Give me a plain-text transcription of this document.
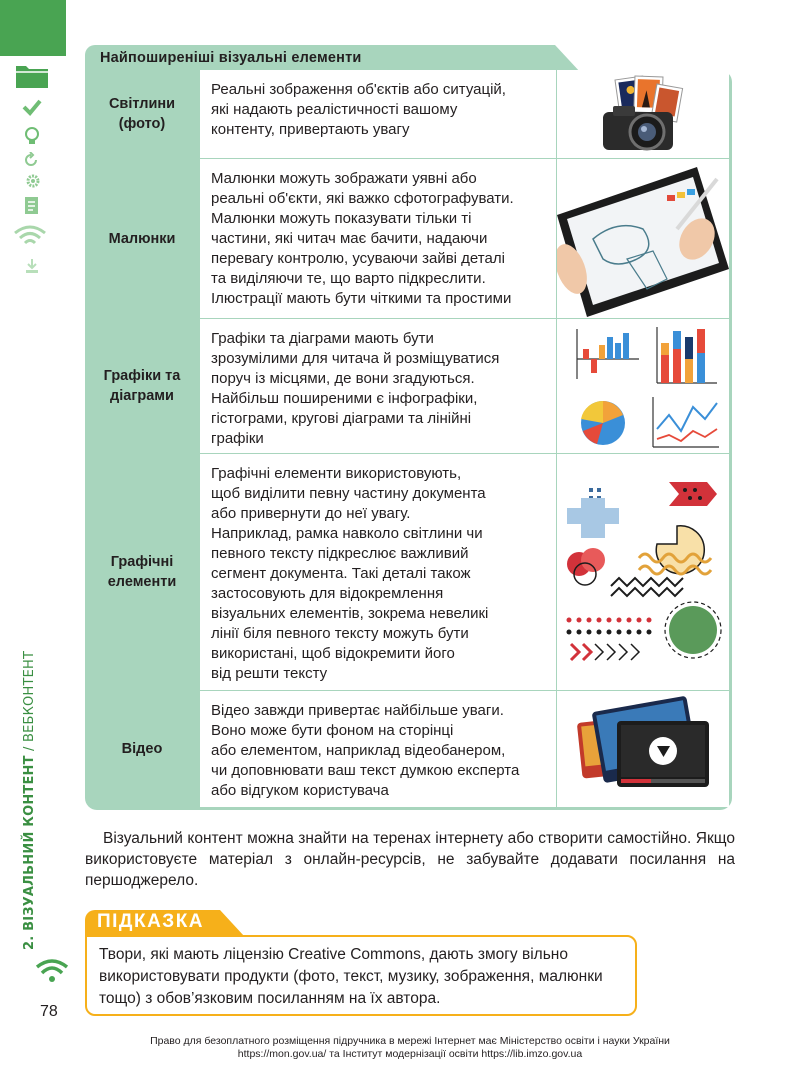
2. ВІЗУАЛЬНИЙ КОНТЕНТ / ВЕБКОНТЕНТ
78
Найпоширеніші візуальні елементи
Світлини
(фото)
Реальні зображення об'єктів або ситуацій,
які надають реалістичності вашому
контенту, привертають увагу
Малюнки
Малюнки можуть зображати уявні або
реальні об'єкти, які важко сфотографувати.
Малюнки можуть показувати тільки ті
частини, які читач має бачити, надаючи
перевагу контролю, усуваючи зайві деталі
та виділяючи те, що варто підкреслити.
Ілюстрації мають бути чіткими та простими
Графіки та
діаграми
Графіки та діаграми мають бути
зрозумілими для читача й розміщуватися
поруч із місцями, де вони згадуються.
Найбільш поширеними є інфографіки,
гістограми, кругові діаграми та лінійні
графіки
Графічні
елементи
Графічні елементи використовують,
щоб виділити певну частину документа
або привернути до неї увагу.
Наприклад, рамка навколо світлини чи
певного тексту підкреслює важливий
сегмент документа. Такі деталі також
застосовують для відокремлення
візуальних елементів, зокрема невеликі
лінії біля певного тексту можуть бути
використані, щоб відокремити його
від решти тексту
Відео
Відео завжди привертає найбільше уваги.
Воно може бути фоном на сторінці
або елементом, наприклад відеобанером,
чи доповнювати ваш текст думкою експерта
або відгуком користувача
Візуальний контент можна знайти на теренах інтернету або створити самостійно. Якщо використовуєте матеріал з онлайн-ресурсів, не забувайте додавати посилання на першоджерело.
ПІДКАЗКА
Твори, які мають ліцензію Creative Commons, дають змогу вільно використовувати продукти (фото, текст, музику, зображення, малюнки тощо) з обов’язковим посиланням на їх автора.
Право для безоплатного розміщення підручника в мережі Інтернет має Міністерство освіти і науки України
https://mon.gov.ua/ та Інститут модернізації освіти https://lib.imzo.gov.ua
